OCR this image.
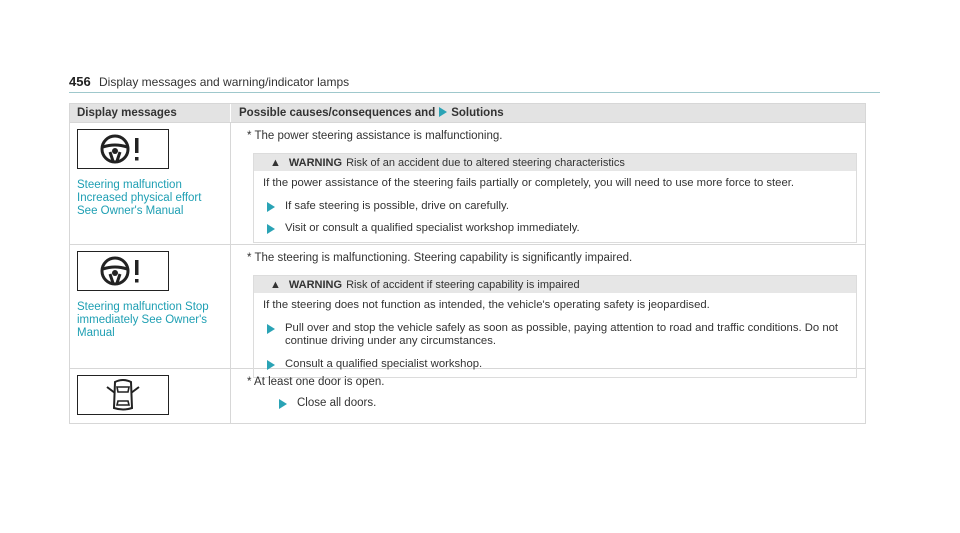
456 Display messages and warning/indicator lamps
Display messages	Possible causes/consequences and Solutions
Steering malfunction
Increased physical effort
See Owner's Manual
* The power steering assistance is malfunctioning.
▲ WARNING Risk of an accident due to altered steering characteristics
If the power assistance of the steering fails partially or completely, you will need to use more force to steer.
If safe steering is possible, drive on carefully.
Visit or consult a qualified specialist workshop immediately.
Steering malfunction Stop
immediately See Owner's
Manual
* The steering is malfunctioning. Steering capability is significantly impaired.
▲ WARNING Risk of accident if steering capability is impaired
If the steering does not function as intended, the vehicle's operating safety is jeopardised.
Pull over and stop the vehicle safely as soon as possible, paying attention to road and traffic conditions. Do not continue driving under any circumstances.
Consult a qualified specialist workshop.
* At least one door is open.
Close all doors.
